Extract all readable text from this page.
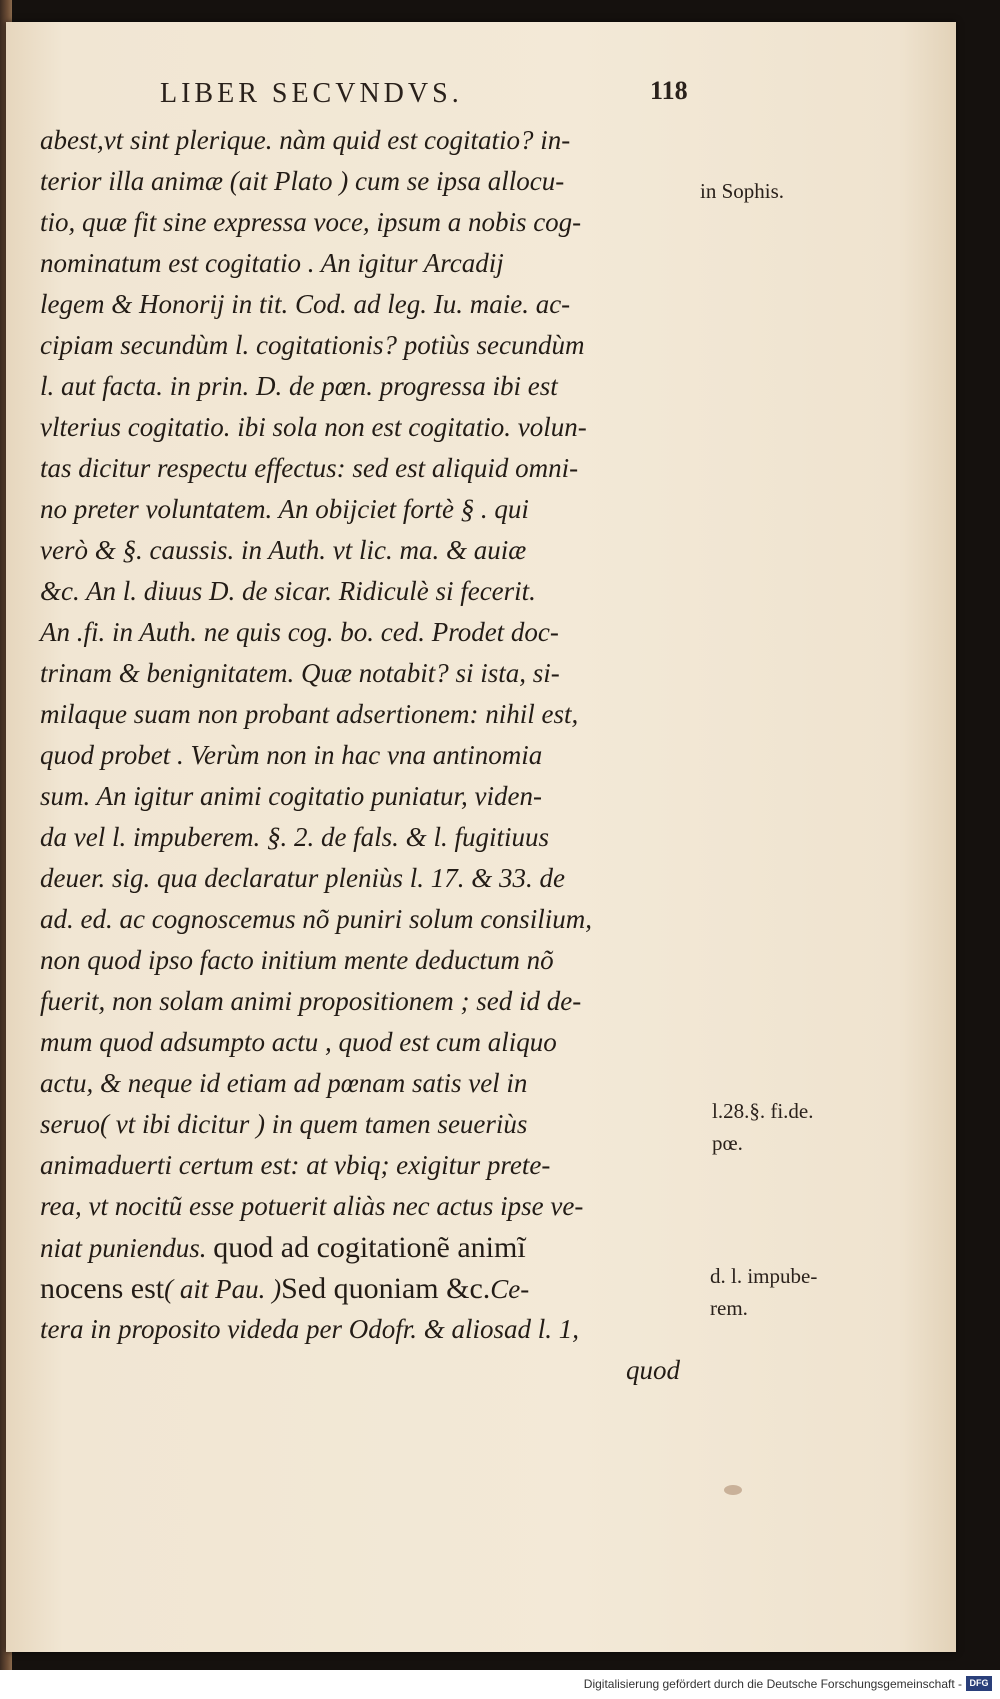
LIBER SECVNDVS.	118
abest,vt sint plerique. nàm quid est cogitatio? in-
terior illa animæ (ait Plato ) cum se ipsa allocu-
tio, quæ fit sine expressa voce, ipsum a nobis cog-
nominatum est cogitatio . An igitur Arcadij
legem & Honorij in tit. Cod. ad leg. Iu. maie. ac-
cipiam secundùm l. cogitationis? potiùs secundùm
l. aut facta. in prin. D. de pœn. progressa ibi est
vlterius cogitatio. ibi sola non est cogitatio. volun-
tas dicitur respectu effectus: sed est aliquid omni-
no preter voluntatem. An obijciet fortè § . qui
verò & §. caussis. in Auth. vt lic. ma. & auiæ
&c. An l. diuus D. de sicar. Ridiculè si fecerit.
An .fi. in Auth. ne quis cog. bo. ced. Prodet doc-
trinam & benignitatem. Quæ notabit? si ista, si-
milaque suam non probant adsertionem: nihil est,
quod probet . Verùm non in hac vna antinomia
sum. An igitur animi cogitatio puniatur, viden-
da vel l. impuberem. §. 2. de fals. & l. fugitiuus
deuer. sig. qua declaratur pleniùs l. 17. & 33. de
ad. ed. ac cognoscemus nõ puniri solum consilium,
non quod ipso facto initium mente deductum nõ
fuerit, non solam animi propositionem ; sed id de-
mum quod adsumpto actu , quod est cum aliquo
actu, & neque id etiam ad pœnam satis vel in
seruo( vt ibi dicitur ) in quem tamen seueriùs
animaduerti certum est: at vbiq; exigitur prete-
rea, vt nocitũ esse potuerit aliàs nec actus ipse ve-
niat puniendus. quod ad cogitationẽ animĩ
nocens est( ait Pau. )Sed quoniam &c.Ce-
tera in proposito videda per Odofr. & aliosad l. 1,
quod
in Sophis.
l.28.§. fi.de.
pœ.
d. l. impube-
rem.
Digitalisierung gefördert durch die Deutsche Forschungsgemeinschaft - DFG
